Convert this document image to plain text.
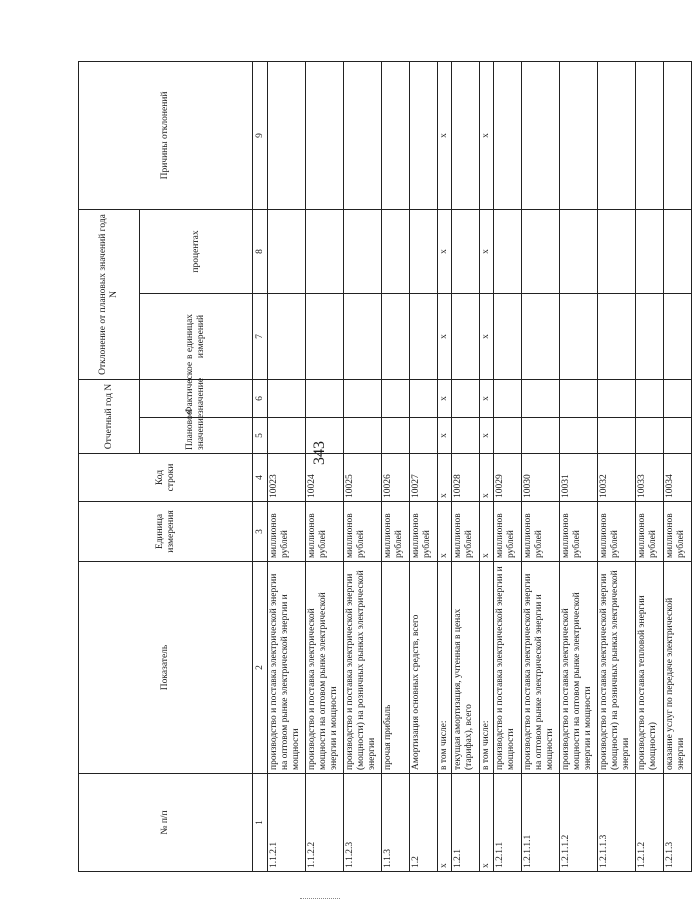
343
№ п/п	Показатель	Единица измерения	Код строки	Отчетный год N		Отклонение от плановых значений года N		Причины отклонений
				Плановое значение	Фактическое значение	в единицах измерений	процентах	
1	2	3	4	5	6	7	8	9
1.1.2.1	производство и поставка электрической энергии на оптовом рынке электрической энергии и мощности	миллионов рублей	10023					
1.1.2.2	производство и поставка электрической мощности на оптовом рынке электрической энергии и мощности	миллионов рублей	10024					
1.1.2.3	производство и поставка электрической энергии (мощности) на розничных рынках электрической энергии	миллионов рублей	10025					
1.1.3	прочая прибыль	миллионов рублей	10026					
1.2	Амортизация основных средств, всего	миллионов рублей	10027					
x	в том числе:	x	x	x	x	x	x	x
1.2.1	текущая амортизация, учтенная в ценах (тарифах), всего	миллионов рублей	10028					
x	в том числе:	x	x	x	x	x	x	x
1.2.1.1	производство и поставка электрической энергии и мощности	миллионов рублей	10029					
1.2.1.1.1	производство и поставка электрической энергии на оптовом рынке электрической энергии и мощности	миллионов рублей	10030					
1.2.1.1.2	производство и поставка электрической мощности на оптовом рынке электрической энергии и мощности	миллионов рублей	10031					
1.2.1.1.3	производство и поставка электрической энергии (мощности) на розничных рынках электрической энергии	миллионов рублей	10032					
1.2.1.2	производство и поставка тепловой энергии (мощности)	миллионов рублей	10033					
1.2.1.3	оказание услуг по передаче электрической энергии	миллионов рублей	10034					
